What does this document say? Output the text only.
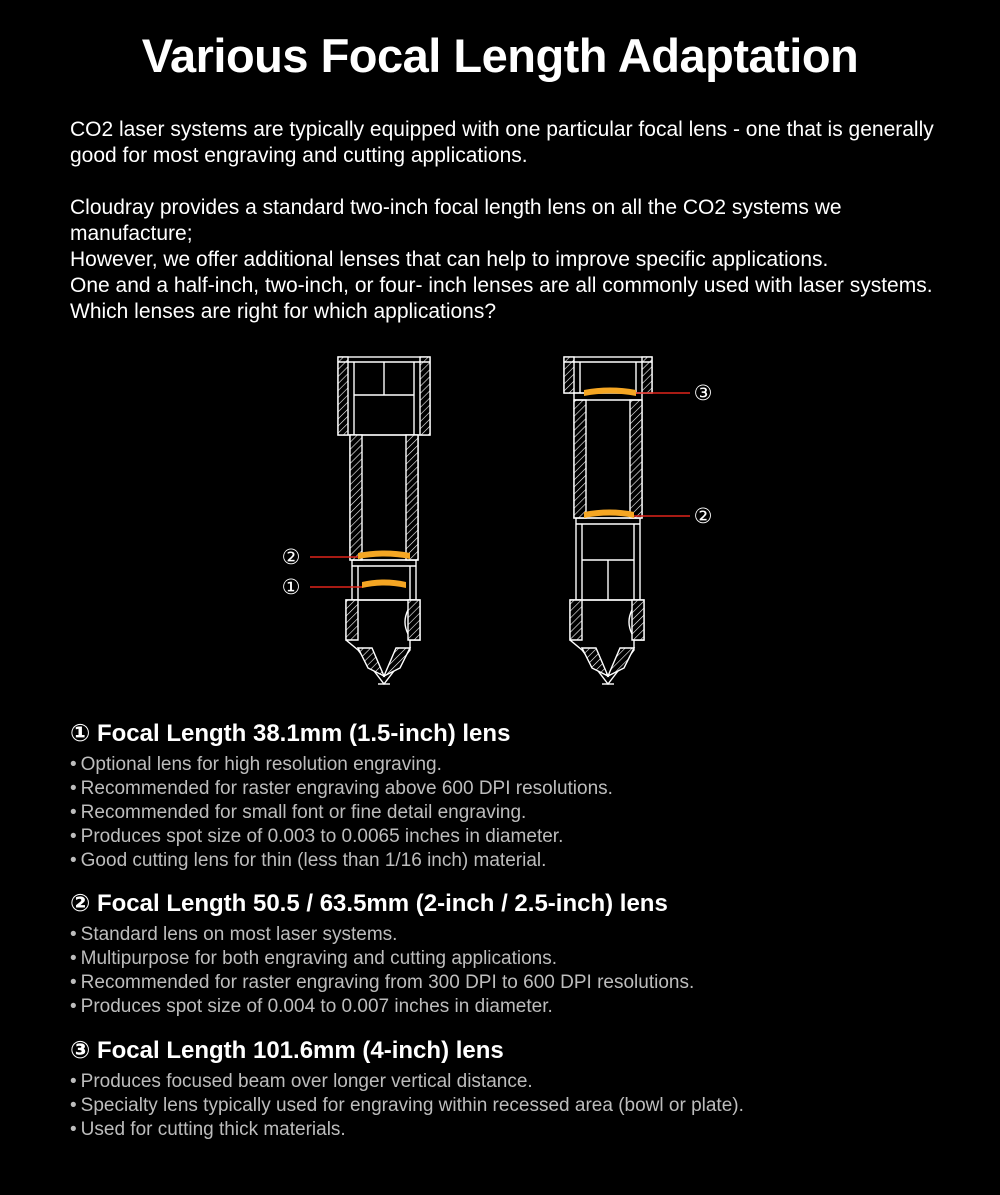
Various Focal Length Adaptation

CO2 laser systems are typically equipped with one particular focal lens - one that is generally good for most engraving and cutting applications.

Cloudray provides a standard two-inch focal length lens on all the CO2 systems we manufacture;

However, we offer additional lenses that can help to improve specific applications.

One and a half-inch, two-inch, or four- inch lenses are all commonly used with laser systems. Which lenses are right for which applications?

②
①
③
②
① Focal Length 38.1mm (1.5-inch) lens
• Optional lens for high resolution engraving.
• Recommended for raster engraving above 600 DPI resolutions.
• Recommended for small font or fine detail engraving.
• Produces spot size of 0.003 to 0.0065 inches in diameter.
• Good cutting lens for thin (less than 1/16 inch) material.
② Focal Length 50.5 / 63.5mm (2-inch / 2.5-inch) lens
• Standard lens on most laser systems.
• Multipurpose for both engraving and cutting applications.
• Recommended for raster engraving from 300 DPI to 600 DPI resolutions.
• Produces spot size of 0.004 to 0.007 inches in diameter.
③ Focal Length 101.6mm (4-inch) lens
• Produces focused beam over longer vertical distance.
• Specialty lens typically used for engraving within recessed area (bowl or plate).
• Used for cutting thick materials.
